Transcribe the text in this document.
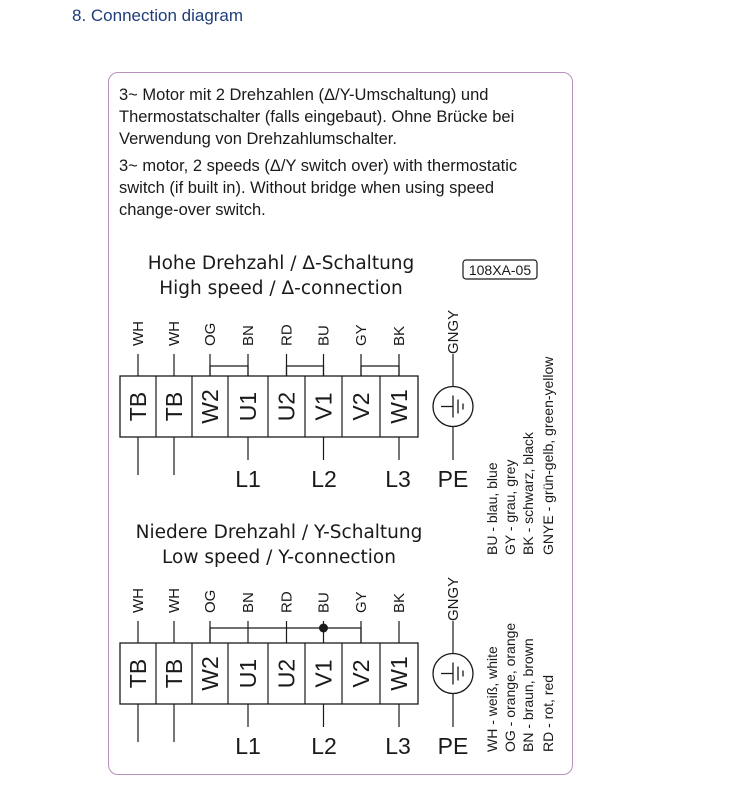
8. Connection diagram
3~ Motor mit 2 Drehzahlen (Δ/Y-Umschaltung) und
Thermostatschalter (falls eingebaut). Ohne Brücke bei
Verwendung von Drehzahlumschalter.
3~ motor, 2 speeds (Δ/Y switch over) with thermostatic
switch (if built in). Without bridge when using speed
change-over switch.
108XA-05
Hohe Drehzahl / Δ-Schaltung
High speed / Δ-connection
Niedere Drehzahl / Y-Schaltung
Low speed / Y-connection
WH WH OG BN RD BU GY BK
TB TB W2 U1 U2 V1 V2 W1
L1 L2 L3 PE
GNGY
WH WH OG BN RD BU GY BK
TB TB W2 U1 U2 V1 V2 W1
L1 L2 L3 PE
GNGY
BU - blau, blue GY - grau, grey BK - schwarz, black GNYE - grün-gelb, green-yellow
WH - weiß, white OG - orange, orange BN - braun, brown RD - rot, red
